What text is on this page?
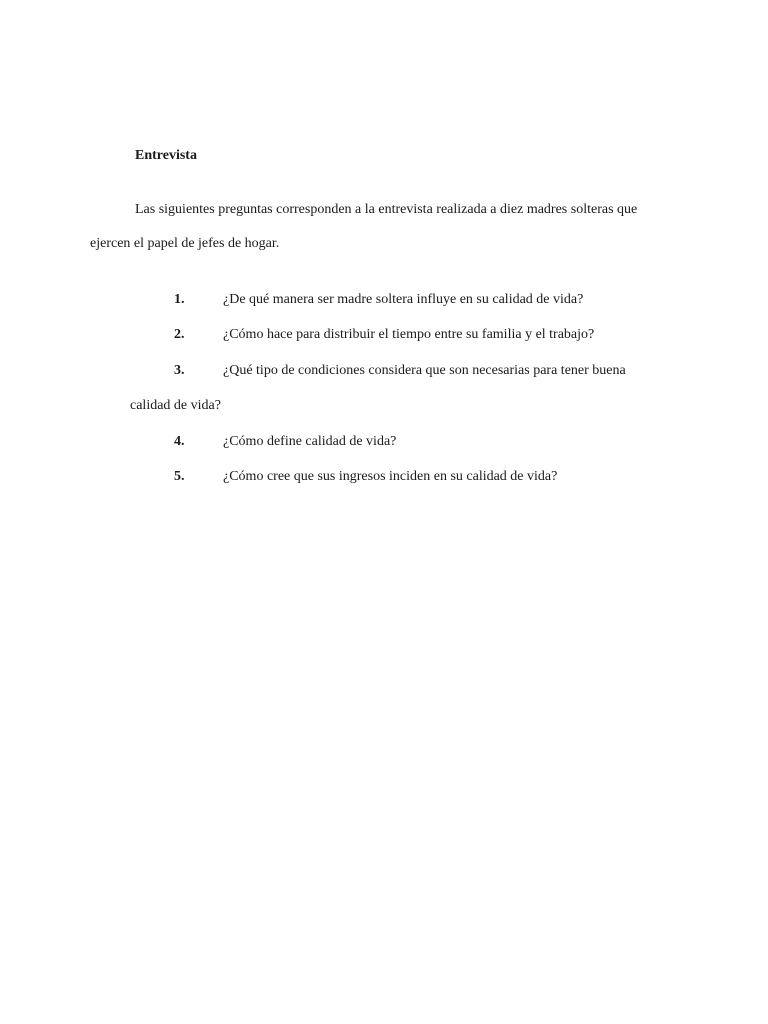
Entrevista
Las siguientes preguntas corresponden a la entrevista realizada a diez madres solteras que
ejercen el papel de jefes de hogar.
1.	¿De qué manera ser madre soltera influye en su calidad de vida?
2.	¿Cómo hace para distribuir el tiempo entre su familia y el trabajo?
3.	¿Qué tipo de condiciones considera que son necesarias para tener buena
calidad de vida?
4.	¿Cómo define calidad de vida?
5.	¿Cómo cree que sus ingresos inciden en su calidad de vida?
